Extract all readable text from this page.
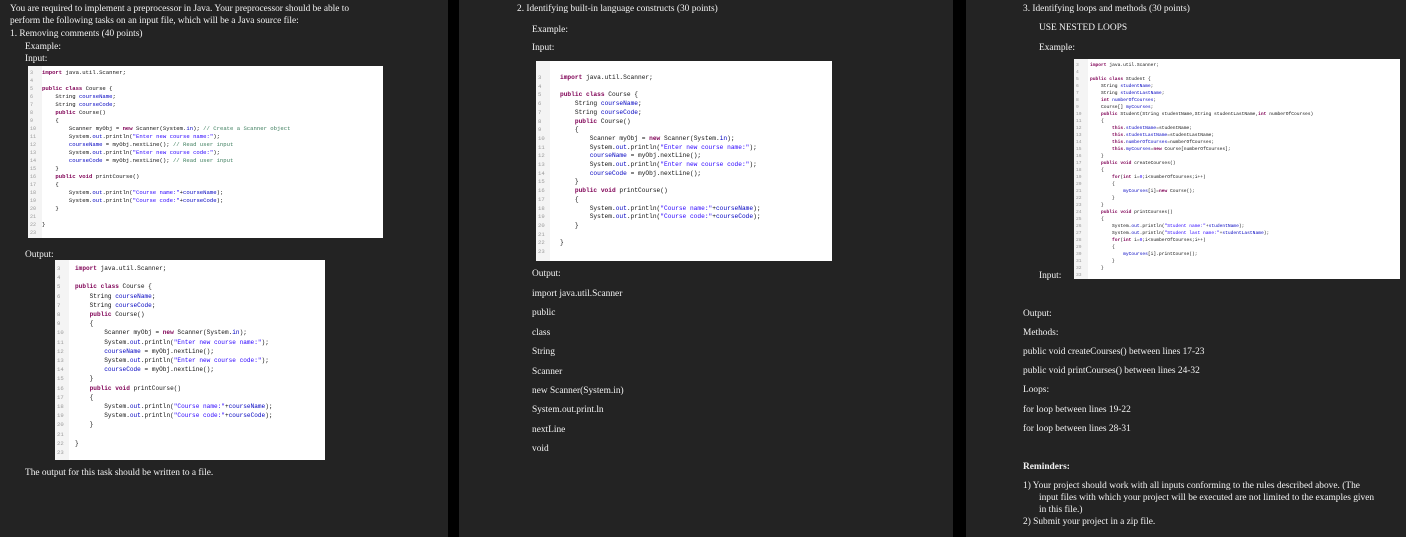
You are required to implement a preprocessor in Java. Your preprocessor should be able to
perform the following tasks on an input file, which will be a Java source file:
1. Removing comments (40 points)
Example:
Input:
3 import java.util.Scanner;
4
5 public class Course {
6 String courseName;
7 String courseCode;
8 public Course()
9 {
10 Scanner myObj = new Scanner(System.in); // Create a Scanner object
11 System.out.println("Enter new course name:");
12	courseName = myObj.nextLine(); // Read user input
13 System.out.println("Enter new course code:");
14	courseCode = myObj.nextLine(); // Read user input
15 }
16 public void printCourse()
17 {
18 System.out.println("Course name:"+courseName);
19 System.out.println("Course code:"+courseCode);
20 }
21
22 }
23
Output:
3 import java.util.Scanner;
4
5 public class Course {
6 String courseName;
7 String courseCode;
8 public Course()
9 {
10 Scanner myObj = new Scanner(System.in);
11 System.out.println("Enter new course name:");
12	courseName = myObj.nextLine();
13 System.out.println("Enter new course code:");
14	courseCode = myObj.nextLine();
15 }
16 public void printCourse()
17 {
18 System.out.println("Course name:"+courseName);
19 System.out.println("Course code:"+courseCode);
20 }
21
22 }
23
The output for this task should be written to a file.
2. Identifying built-in language constructs (30 points)
Example:
Input:
3	import java.util.Scanner;
4
5	public class Course {
6	String courseName;
7	String courseCode;
8	public Course()
9	{
10 Scanner myObj = new Scanner(System.in);
11 System.out.println("Enter new course name:");
12	courseName = myObj.nextLine();
13 System.out.println("Enter new course code:");
14	courseCode = myObj.nextLine();
15 }
16 public void printCourse()
17 {
18 System.out.println("Course name:"+courseName);
19 System.out.println("Course code:"+courseCode);
20 }
21
22 }
23
Output:
import java.util.Scanner
public
class
String
Scanner
new Scanner(System.in)
System.out.print.ln
nextLine
void
3. Identifying loops and methods (30 points)
USE NESTED LOOPS
Example:
3 import java.util.Scanner;
4
5 public class Student {
6 String studentName;
7 String studentLastName;
8 int numberOfCourses;
9 Course[] myCourses;
10 public Student(String studentName,String studentLastName,int numberOfCourses)
11 {
12 this.studentName=studentName;
13 this.studentLastName=studentLastName;
14 this.numberOfCourses=numberOfCourses;
15 this.myCourses=new Course[numberOfCourses];
16 }
17 public void createCourses()
18 {
19 for(int i=0;i<numberOfCourses;i++)
20 {
21	myCourses[i]=new Course();
22 }
23 }
24 public void printCourses()
25 {
26 System.out.println("Student name:"+studentName);
27 System.out.println("Student last name:"+studentLastName);
28 for(int i=0;i<numberOfCourses;i++)
29 {
30	myCourses[i].printCourse();
31 }
32 }
33
Input:
Output:
Methods:
public void createCourses() between lines 17-23
public void printCourses() between lines 24-32
Loops:
for loop between lines 19-22
for loop between lines 28-31
Reminders:
1) Your project should work with all inputs conforming to the rules described above. (The
input files with which your project will be executed are not limited to the examples given
in this file.)
2) Submit your project in a zip file.
